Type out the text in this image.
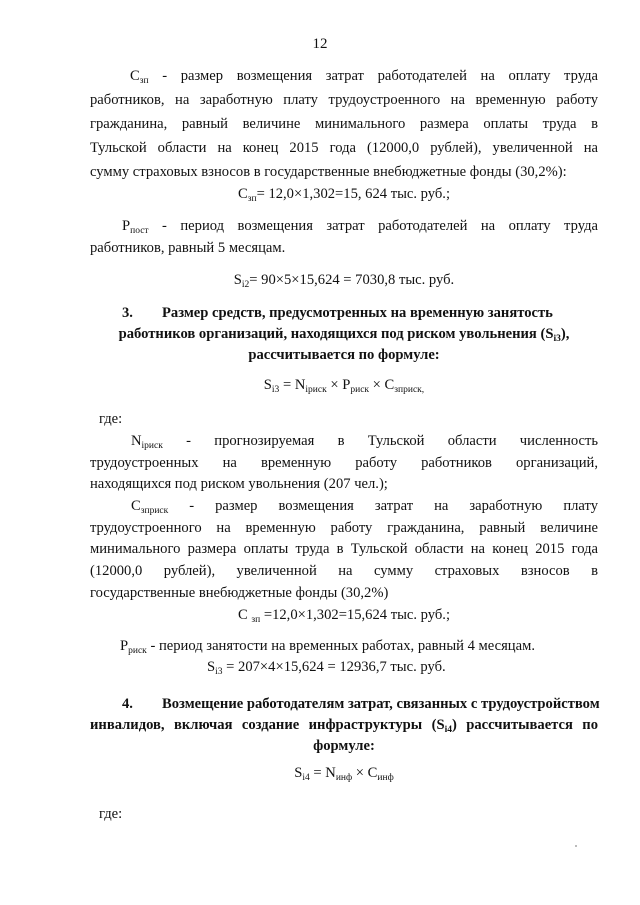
12
$C_{зп}$ - размер возмещения затрат работодателей на оплату труда
работников, на заработную плату трудоустроенного на временную работу
гражданина, равный величине минимального размера оплаты труда в
Тульской области на конец 2015 года (12000,0 рублей), увеличенной на
сумму страховых взносов в государственные внебюджетные фонды (30,2%):
$C_{зп}= 12,0\times 1,302=15$, 624 тыс. руб.;
$P_{пост}$ - период возмещения затрат работодателей на оплату труда
работников, равный 5 месяцам.
$S_{i2}= 90\times 5\times 15,624 = 7030,8$ тыс. руб.
3. Размер средств, предусмотренных на временную занятость
работников организаций, находящихся под риском увольнения $(S_{i3})$,
рассчитывается по формуле:
$S_{i3} = N_{iриск} \times P_{риск} \times C_{зприск,}$
где:
$N_{iриск}$ - прогнозируемая в Тульской области численность
трудоустроенных на временную работу работников организаций,
находящихся под риском увольнения (207 чел.);
$C_{зприск}$ - размер возмещения затрат на заработную плату
трудоустроенного на временную работу гражданина, равный величине
минимального размера оплаты труда в Тульской области на конец 2015 года
(12000,0 рублей), увеличенной на сумму страховых взносов в
государственные внебюджетные фонды (30,2%)
C $_{зп}$ =12,0×1,302=15,624 тыс. руб.;
$P_{риск}$ - период занятости на временных работах, равный 4 месяцам.
$S_{i3} = 207\times 4\times 15,624 = 12936,7$ тыс. руб.
4. Возмещение работодателям затрат, связанных с трудоустройством
инвалидов, включая создание инфраструктуры $(S_{i4})$ рассчитывается по
формуле:
$S_{i4} = N_{инф} \times C_{инф}$
где:
